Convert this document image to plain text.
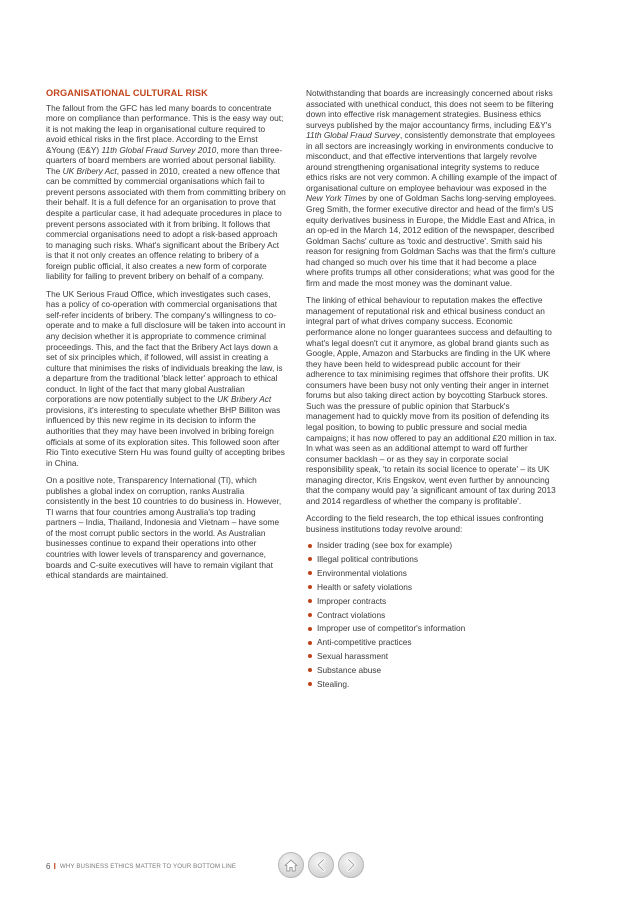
ORGANISATIONAL CULTURAL RISK

The fallout from the GFC has led many boards to concentrate more on compliance than performance. This is the easy way out; it is not making the leap in organisational culture required to avoid ethical risks in the first place. According to the Ernst &Young (E&Y) 11th Global Fraud Survey 2010, more than three-quarters of board members are worried about personal liability. The UK Bribery Act, passed in 2010, created a new offence that can be committed by commercial organisations which fail to prevent persons associated with them from committing bribery on their behalf. It is a full defence for an organisation to prove that despite a particular case, it had adequate procedures in place to prevent persons associated with it from bribing. It follows that commercial organisations need to adopt a risk-based approach to managing such risks. What's significant about the Bribery Act is that it not only creates an offence relating to bribery of a foreign public official, it also creates a new form of corporate liability for failing to prevent bribery on behalf of a company.

The UK Serious Fraud Office, which investigates such cases, has a policy of co-operation with commercial organisations that self-refer incidents of bribery. The company's willingness to co-operate and to make a full disclosure will be taken into account in any decision whether it is appropriate to commence criminal proceedings. This, and the fact that the Bribery Act lays down a set of six principles which, if followed, will assist in creating a culture that minimises the risks of individuals breaking the law, is a departure from the traditional 'black letter' approach to ethical conduct. In light of the fact that many global Australian corporations are now potentially subject to the UK Bribery Act provisions, it's interesting to speculate whether BHP Billiton was influenced by this new regime in its decision to inform the authorities that they may have been involved in bribing foreign officials at some of its exploration sites. This followed soon after Rio Tinto executive Stern Hu was found guilty of accepting bribes in China.

On a positive note, Transparency International (TI), which publishes a global index on corruption, ranks Australia consistently in the best 10 countries to do business in. However, TI warns that four countries among Australia's top trading partners – India, Thailand, Indonesia and Vietnam – have some of the most corrupt public sectors in the world. As Australian businesses continue to expand their operations into other countries with lower levels of transparency and governance, boards and C-suite executives will have to remain vigilant that ethical standards are maintained.

Notwithstanding that boards are increasingly concerned about risks associated with unethical conduct, this does not seem to be filtering down into effective risk management strategies. Business ethics surveys published by the major accountancy firms, including E&Y's 11th Global Fraud Survey, consistently demonstrate that employees in all sectors are increasingly working in environments conducive to misconduct, and that effective interventions that largely revolve around strengthening organisational integrity systems to reduce ethics risks are not very common. A chilling example of the impact of organisational culture on employee behaviour was exposed in the New York Times by one of Goldman Sachs long-serving employees. Greg Smith, the former executive director and head of the firm's US equity derivatives business in Europe, the Middle East and Africa, in an op-ed in the March 14, 2012 edition of the newspaper, described Goldman Sachs' culture as 'toxic and destructive'. Smith said his reason for resigning from Goldman Sachs was that the firm's culture had changed so much over his time that it had become a place where profits trumps all other considerations; what was good for the firm and made the most money was the dominant value.

The linking of ethical behaviour to reputation makes the effective management of reputational risk and ethical business conduct an integral part of what drives company success. Economic performance alone no longer guarantees success and defaulting to what's legal doesn't cut it anymore, as global brand giants such as Google, Apple, Amazon and Starbucks are finding in the UK where they have been held to widespread public account for their adherence to tax minimising regimes that offshore their profits. UK consumers have been busy not only venting their anger in internet forums but also taking direct action by boycotting Starbuck stores. Such was the pressure of public opinion that Starbuck's management had to quickly move from its position of defending its legal position, to bowing to public pressure and social media campaigns; it has now offered to pay an additional £20 million in tax. In what was seen as an additional attempt to ward off further consumer backlash – or as they say in corporate social responsibility speak, 'to retain its social licence to operate' – its UK managing director, Kris Engskov, went even further by announcing that the company would pay 'a significant amount of tax during 2013 and 2014 regardless of whether the company is profitable'.

According to the field research, the top ethical issues confronting business institutions today revolve around:

Insider trading (see box for example)
Illegal political contributions
Environmental violations
Health or safety violations
Improper contracts
Contract violations
Improper use of competitor's information
Anti-competitive practices
Sexual harassment
Substance abuse
Stealing.
6 I WHY BUSINESS ETHICS MATTER TO YOUR BOTTOM LINE
